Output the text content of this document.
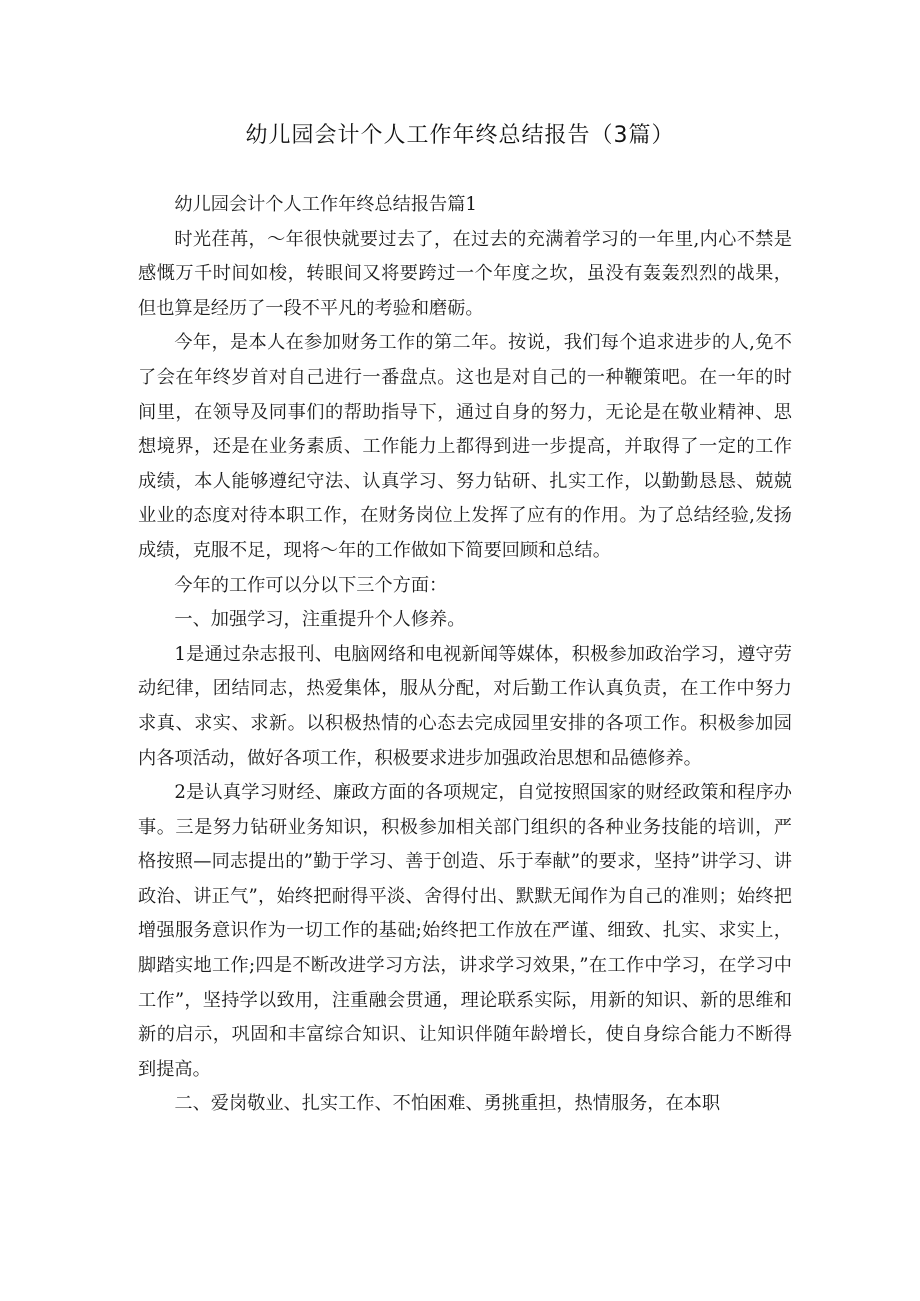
幼儿园会计个人工作年终总结报告（3篇）

幼儿园会计个人工作年终总结报告篇1

时光荏苒，〜年很快就要过去了，在过去的充满着学习的一年里,内心不禁是感慨万千时间如梭，转眼间又将要跨过一个年度之坎，虽没有轰轰烈烈的战果，但也算是经历了一段不平凡的考验和磨砺。

今年，是本人在参加财务工作的第二年。按说，我们每个追求进步的人,免不了会在年终岁首对自己进行一番盘点。这也是对自己的一种鞭策吧。在一年的时间里，在领导及同事们的帮助指导下，通过自身的努力，无论是在敬业精神、思想境界，还是在业务素质、工作能力上都得到进一步提高，并取得了一定的工作成绩，本人能够遵纪守法、认真学习、努力钻研、扎实工作，以勤勤恳恳、兢兢业业的态度对待本职工作，在财务岗位上发挥了应有的作用。为了总结经验,发扬成绩，克服不足，现将〜年的工作做如下简要回顾和总结。

今年的工作可以分以下三个方面：

一、加强学习，注重提升个人修养。

1是通过杂志报刊、电脑网络和电视新闻等媒体，积极参加政治学习，遵守劳动纪律，团结同志，热爱集体，服从分配，对后勤工作认真负责，在工作中努力求真、求实、求新。以积极热情的心态去完成园里安排的各项工作。积极参加园内各项活动，做好各项工作，积极要求进步加强政治思想和品德修养。

2是认真学习财经、廉政方面的各项规定，自觉按照国家的财经政策和程序办事。三是努力钻研业务知识，积极参加相关部门组织的各种业务技能的培训，严格按照—同志提出的”勤于学习、善于创造、乐于奉献”的要求，坚持”讲学习、讲政治、讲正气”，始终把耐得平淡、舍得付出、默默无闻作为自己的准则；始终把增强服务意识作为一切工作的基础;始终把工作放在严谨、细致、扎实、求实上，脚踏实地工作;四是不断改进学习方法，讲求学习效果，”在工作中学习，在学习中工作”，坚持学以致用，注重融会贯通，理论联系实际，用新的知识、新的思维和新的启示，巩固和丰富综合知识、让知识伴随年龄增长，使自身综合能力不断得到提高。

二、爱岗敬业、扎实工作、不怕困难、勇挑重担，热情服务，在本职
